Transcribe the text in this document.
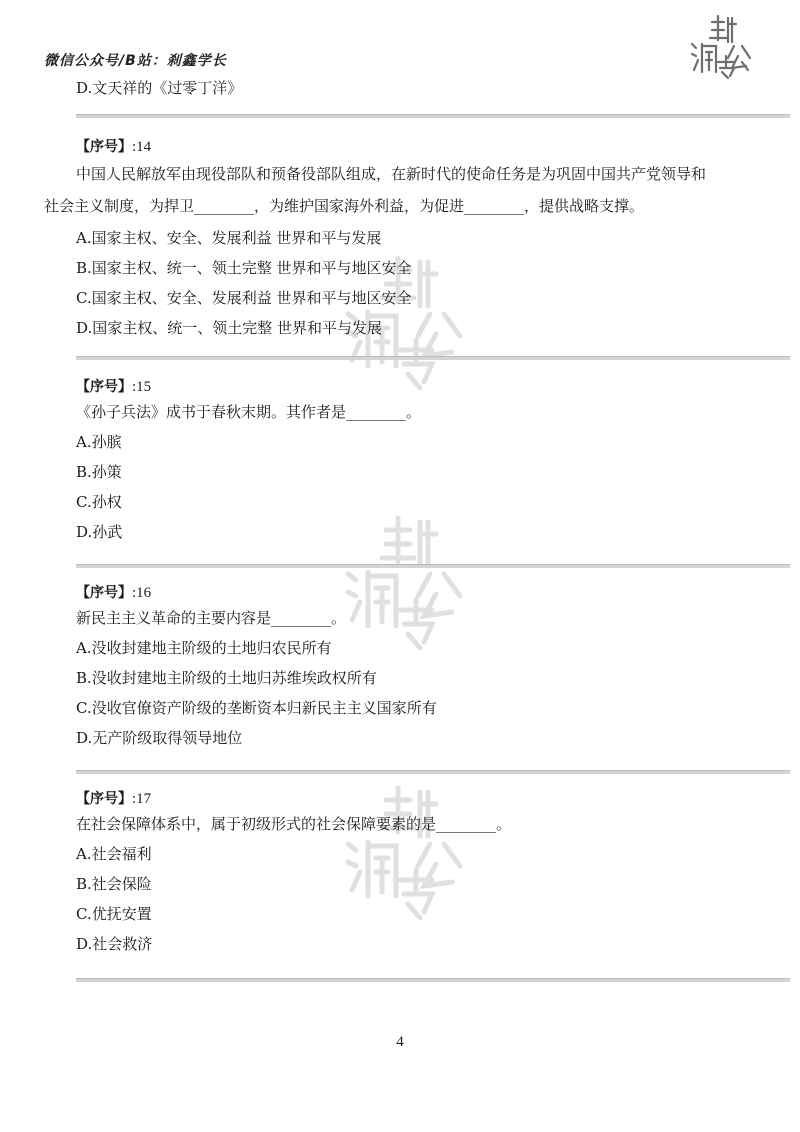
微信公众号/B站：刹鑫学长
D.文天祥的《过零丁洋》
【序号】:14
中国人民解放军由现役部队和预备役部队组成，在新时代的使命任务是为巩固中国共产党领导和
社会主义制度，为捍卫________，为维护国家海外利益，为促进________，提供战略支撑。
A.国家主权、安全、发展利益 世界和平与发展
B.国家主权、统一、领土完整 世界和平与地区安全
C.国家主权、安全、发展利益 世界和平与地区安全
D.国家主权、统一、领土完整 世界和平与发展
【序号】:15
《孙子兵法》成书于春秋末期。其作者是________。
A.孙膑
B.孙策
C.孙权
D.孙武
【序号】:16
新民主主义革命的主要内容是________。
A.没收封建地主阶级的土地归农民所有
B.没收封建地主阶级的土地归苏维埃政权所有
C.没收官僚资产阶级的垄断资本归新民主主义国家所有
D.无产阶级取得领导地位
【序号】:17
在社会保障体系中，属于初级形式的社会保障要素的是________。
A.社会福利
B.社会保险
C.优抚安置
D.社会救济
4
